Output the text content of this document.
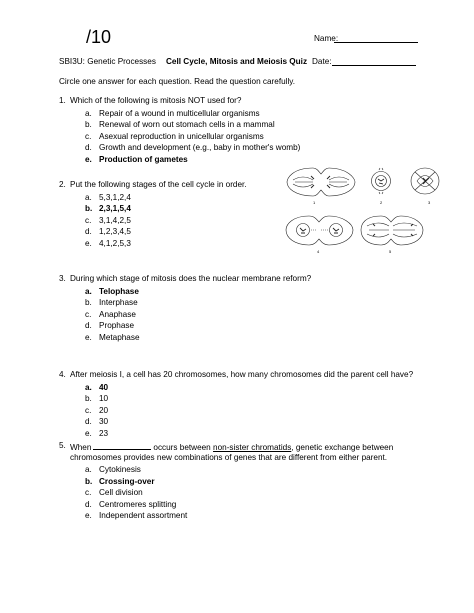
/10	Name:
SBI3U: Genetic Processes Cell Cycle, Mitosis and Meiosis Quiz Date:
Circle one answer for each question. Read the question carefully.
1. Which of the following is mitosis NOT used for?
a. Repair of a wound in multicellular organisms
b. Renewal of worn out stomach cells in a mammal
c. Asexual reproduction in unicellular organisms
d. Growth and development (e.g., baby in mother's womb)
e. Production of gametes
2. Put the following stages of the cell cycle in order.
a. 5,3,1,2,4
b. 2,3,1,5,4
c. 3,1,4,2,5
d. 1,2,3,4,5
e. 4,1,2,5,3
1	2	3
4	5
3. During which stage of mitosis does the nuclear membrane reform?
a. Telophase
b. Interphase
c. Anaphase
d. Prophase
e. Metaphase
4. After meiosis I, a cell has 20 chromosomes, how many chromosomes did the parent cell have?
a. 40
b. 10
c. 20
d. 30
e. 23
5. When	occurs between non-sister chromatids, genetic exchange between
chromosomes provides new combinations of genes that are different from either parent.
a. Cytokinesis
b. Crossing-over
c. Cell division
d. Centromeres splitting
e. Independent assortment
